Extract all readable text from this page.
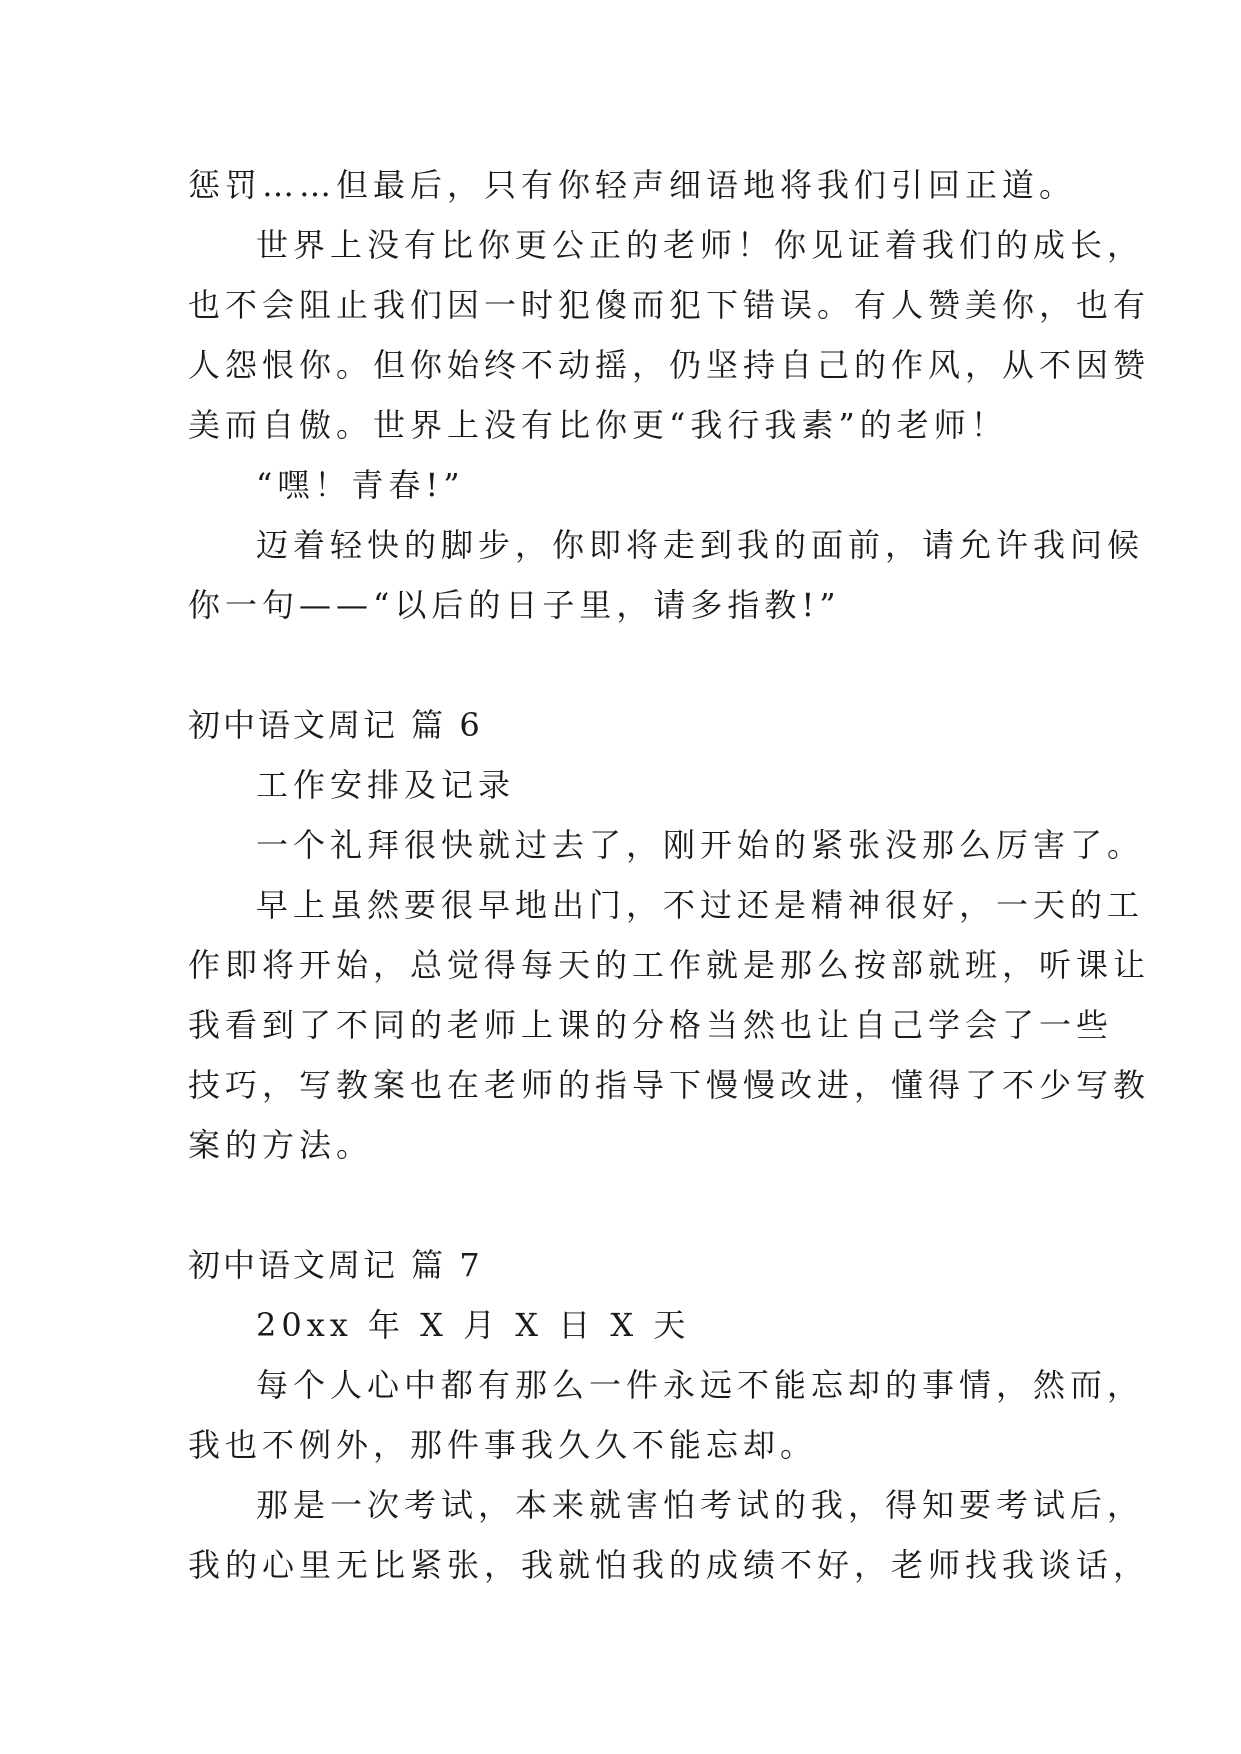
惩罚……但最后，只有你轻声细语地将我们引回正道。
世界上没有比你更公正的老师！你见证着我们的成长，
也不会阻止我们因一时犯傻而犯下错误。有人赞美你，也有
人怨恨你。但你始终不动摇，仍坚持自己的作风，从不因赞
美而自傲。世界上没有比你更“我行我素”的老师！
“嘿！青春!”
迈着轻快的脚步，你即将走到我的面前，请允许我问候
你一句——“以后的日子里，请多指教!”
初中语文周记 篇 6
工作安排及记录
一个礼拜很快就过去了，刚开始的紧张没那么厉害了。
早上虽然要很早地出门，不过还是精神很好，一天的工
作即将开始，总觉得每天的工作就是那么按部就班，听课让
我看到了不同的老师上课的分格当然也让自己学会了一些
技巧，写教案也在老师的指导下慢慢改进，懂得了不少写教
案的方法。
初中语文周记 篇 7
20xx 年 X 月 X 日 X 天
每个人心中都有那么一件永远不能忘却的事情，然而，
我也不例外，那件事我久久不能忘却。
那是一次考试，本来就害怕考试的我，得知要考试后，
我的心里无比紧张，我就怕我的成绩不好，老师找我谈话，
